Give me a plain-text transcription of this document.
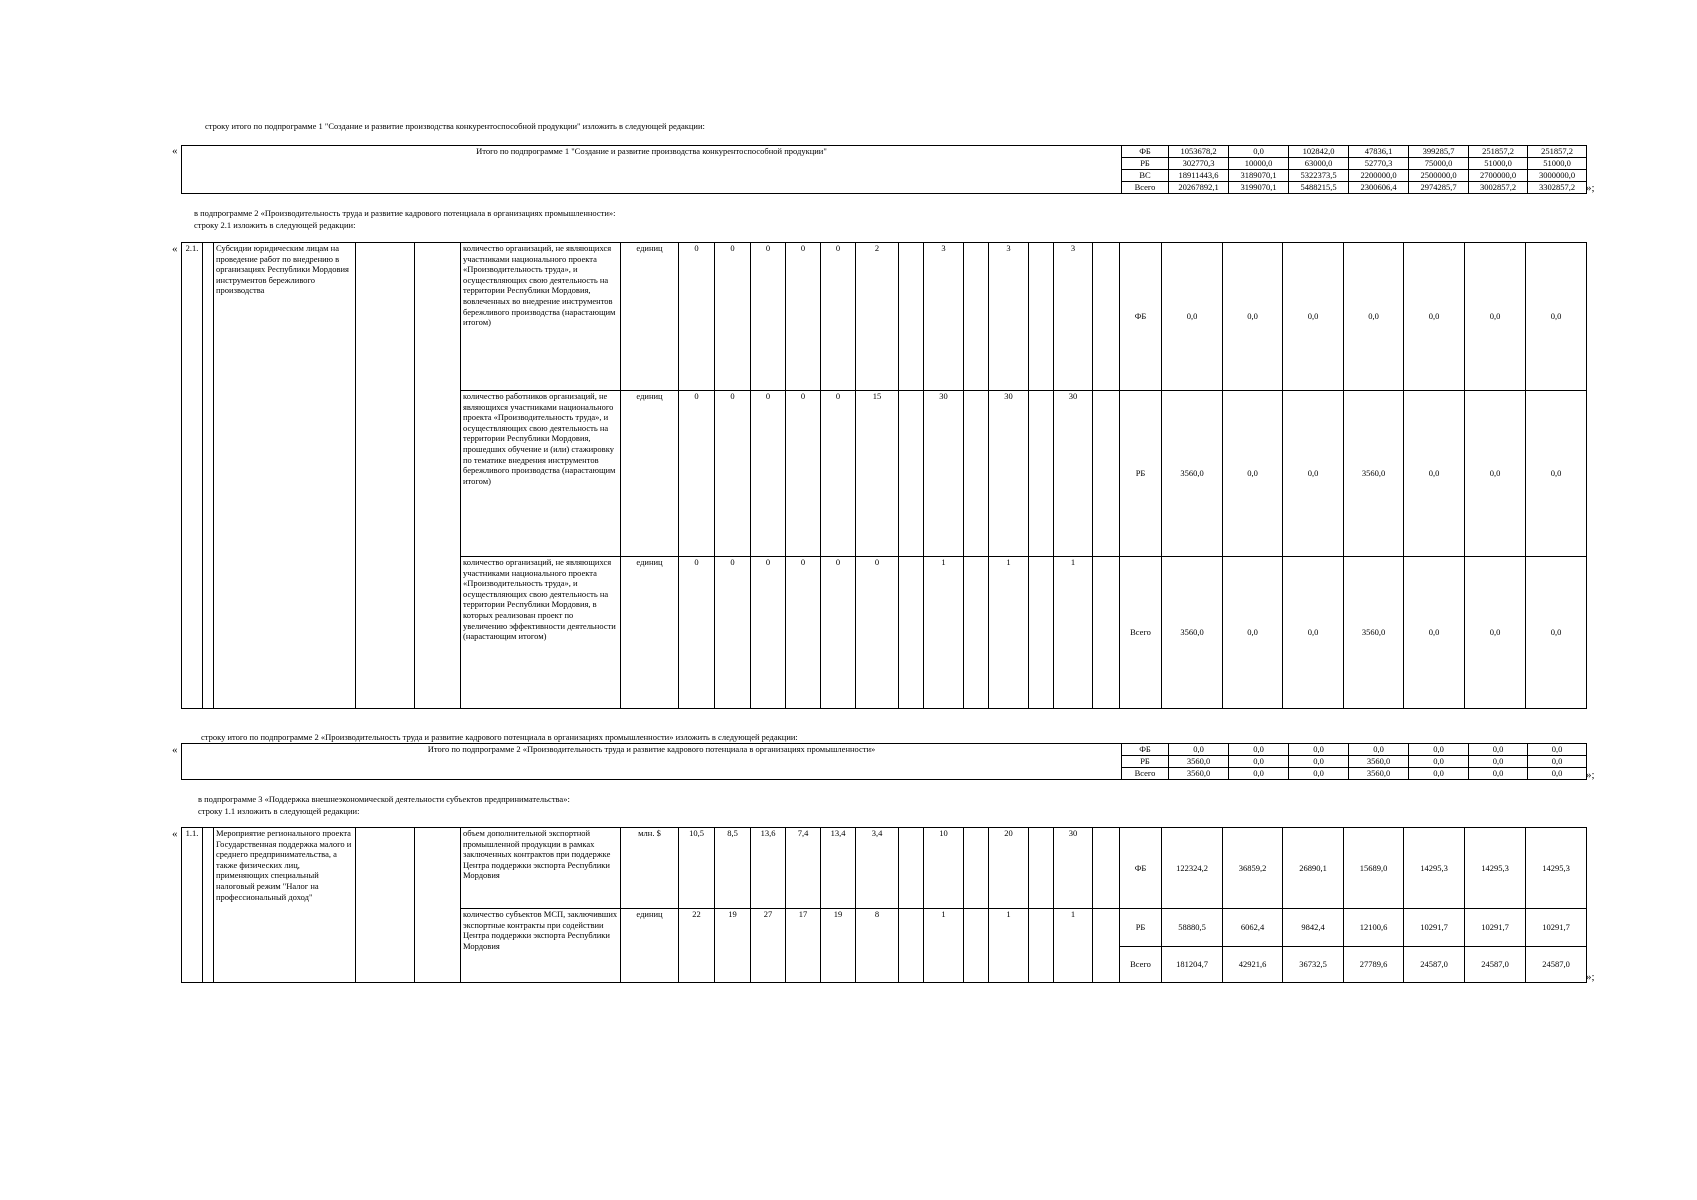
строку итого по подпрограмме 1 "Создание и развитие производства конкурентоспособной продукции" изложить в следующей редакции:
«	Итого по подпрограмме 1 "Создание и развитие производства конкурентоспособной продукции"	ФБ	1053678,2	0,0	102842,0	47836,1	399285,7	251857,2	251857,2
	РБ	302770,3	10000,0	63000,0	52770,3	75000,0	51000,0	51000,0
	ВС	18911443,6	3189070,1	5322373,5	2200000,0	2500000,0	2700000,0	3000000,0
	Всего	20267892,1	3199070,1	5488215,5	2300606,4	2974285,7	3002857,2	3302857,2 »;
в подпрограмме 2 «Производительность труда и развитие кадрового потенциала в организациях промышленности»:
строку 2.1 изложить в следующей редакции:
« 2.1.		Субсидии юридическим лицам на проведение работ по внедрению в организациях Республики Мордовия инструментов бережливого производства			количество организаций, не являющихся участниками национального проекта «Производительность труда», и осуществляющих свою деятельность на территории Республики Мордовия, вовлеченных во внедрение инструментов бережливого производства (нарастающим итогом)	единиц	0	0	0	0	0	2		3		3		3		ФБ	0,0	0,0	0,0	0,0	0,0	0,0	0,0
					количество работников организаций, не являющихся участниками национального проекта «Производительность труда», и осуществляющих свою деятельность на территории Республики Мордовия, прошедших обучение и (или) стажировку по тематике внедрения инструментов бережливого производства (нарастающим итогом)	единиц	0	0	0	0	0	15		30		30		30		РБ	3560,0	0,0	0,0	3560,0	0,0	0,0	0,0
					количество организаций, не являющихся участниками национального проекта «Производительность труда», и осуществляющих свою деятельность на территории Республики Мордовия, в которых реализован проект по увеличению эффективности деятельности (нарастающим итогом)	единиц	0	0	0	0	0	0		1		1		1		Всего	3560,0	0,0	0,0	3560,0	0,0	0,0	0,0
строку итого по подпрограмме 2 «Производительность труда и развитие кадрового потенциала в организациях промышленности» изложить в следующей редакции:
«	Итого по подпрограмме 2 «Производительность труда и развитие кадрового потенциала в организациях промышленности»	ФБ	0,0	0,0	0,0	0,0	0,0	0,0	0,0
	РБ	3560,0	0,0	0,0	3560,0	0,0	0,0	0,0
	Всего	3560,0	0,0	0,0	3560,0	0,0	0,0	0,0 »;
в подпрограмме 3 «Поддержка внешнеэкономической деятельности субъектов предпринимательства»:
строку 1.1 изложить в следующей редакции:
« 1.1.		Мероприятие регионального проекта Государственная поддержка малого и среднего предпринимательства, а также физических лиц, применяющих специальный налоговый режим "Налог на профессиональный доход"			объем дополнительной экспортной промышленной продукции в рамках заключенных контрактов при поддержке Центра поддержки экспорта Республики Мордовия	млн. $	10,5	8,5	13,6	7,4	13,4	3,4		10		20		30		ФБ	122324,2	36859,2	26890,1	15689,0	14295,3	14295,3	14295,3
					количество субъектов МСП, заключивших экспортные контракты при содействии Центра поддержки экспорта Республики Мордовия	единиц	22	19	27	17	19	8		1		1		1		РБ	58880,5	6062,4	9842,4	12100,6	10291,7	10291,7	10291,7
																				Всего	181204,7	42921,6	36732,5	27789,6	24587,0	24587,0	24587,0
»;
